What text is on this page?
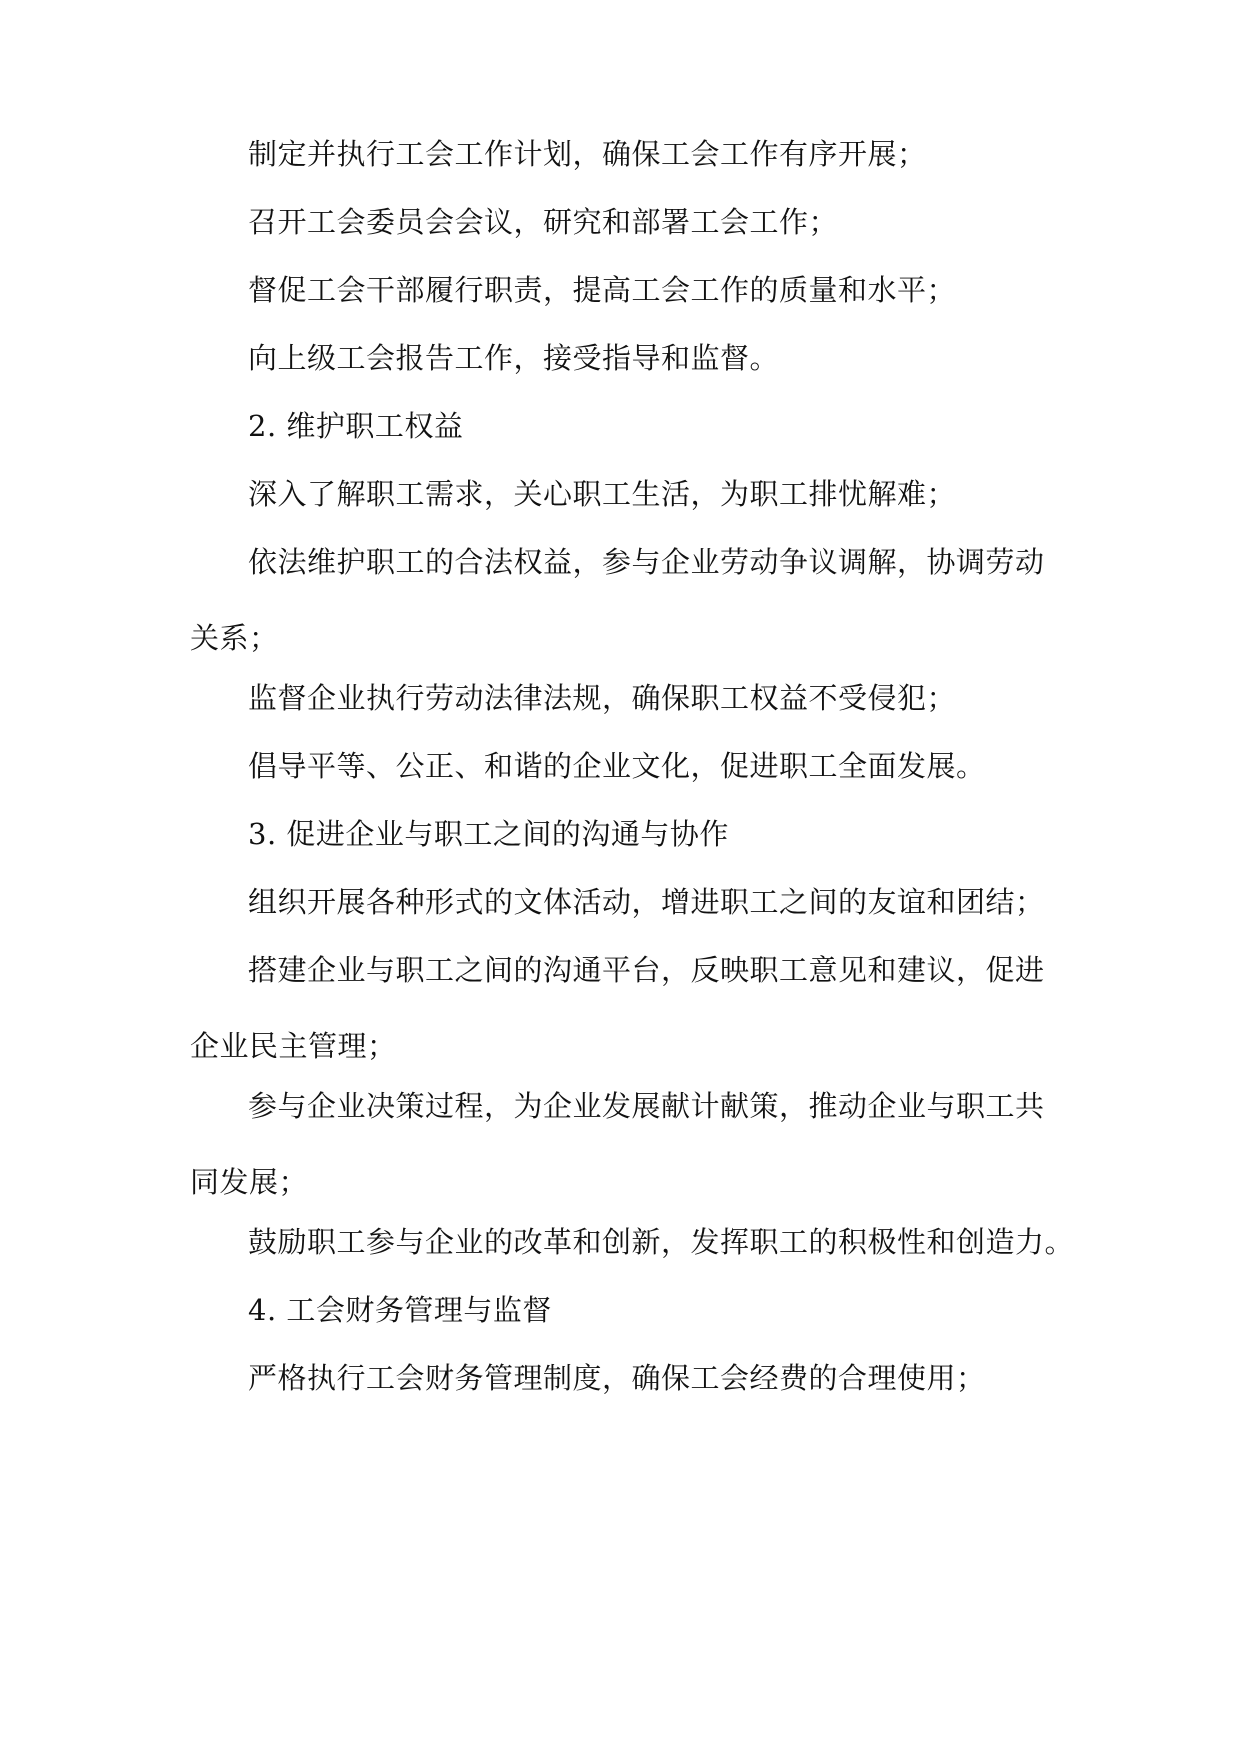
制定并执行工会工作计划，确保工会工作有序开展；

召开工会委员会会议，研究和部署工会工作；

督促工会干部履行职责，提高工会工作的质量和水平；

向上级工会报告工作，接受指导和监督。

2. 维护职工权益

深入了解职工需求，关心职工生活，为职工排忧解难；

依法维护职工的合法权益，参与企业劳动争议调解，协调劳动关系；

监督企业执行劳动法律法规，确保职工权益不受侵犯；

倡导平等、公正、和谐的企业文化，促进职工全面发展。

3. 促进企业与职工之间的沟通与协作

组织开展各种形式的文体活动，增进职工之间的友谊和团结；

搭建企业与职工之间的沟通平台，反映职工意见和建议，促进企业民主管理；

参与企业决策过程，为企业发展献计献策，推动企业与职工共同发展；

鼓励职工参与企业的改革和创新，发挥职工的积极性和创造力。

4. 工会财务管理与监督

严格执行工会财务管理制度，确保工会经费的合理使用；
